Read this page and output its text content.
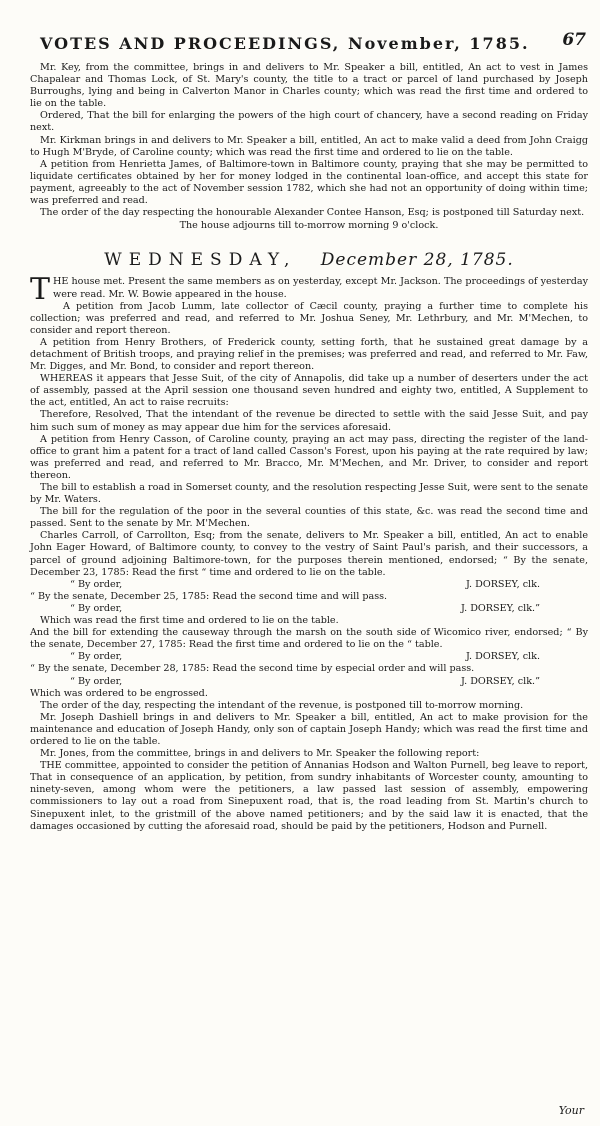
VOTES AND PROCEEDINGS, November, 1785. 67

Mr. Key, from the committee, brings in and delivers to Mr. Speaker a bill, entitled, An act to vest in James Chapalear and Thomas Lock, of St. Mary's county, the title to a tract or parcel of land purchased by Joseph Burroughs, lying and being in Calverton Manor in Charles county; which was read the first time and ordered to lie on the table.

Ordered, That the bill for enlarging the powers of the high court of chancery, have a second reading on Friday next.

Mr. Kirkman brings in and delivers to Mr. Speaker a bill, entitled, An act to make valid a deed from John Craigg to Hugh M'Bryde, of Caroline county; which was read the first time and ordered to lie on the table.

A petition from Henrietta James, of Baltimore-town in Baltimore county, praying that she may be permitted to liquidate certificates obtained by her for money lodged in the continental loan-office, and accept this state for payment, agreeably to the act of November session 1782, which she had not an opportunity of doing within time; was preferred and read.

The order of the day respecting the honourable Alexander Contee Hanson, Esq; is postponed till Saturday next.

The house adjourns till to-morrow morning 9 o'clock.

WEDNESDAY, December 28, 1785.

THE house met. Present the same members as on yesterday, except Mr. Jackson. The proceedings of yesterday were read. Mr. W. Bowie appeared in the house.

A petition from Jacob Lumm, late collector of Cæcil county, praying a further time to complete his collection; was preferred and read, and referred to Mr. Joshua Seney, Mr. Lethrbury, and Mr. M'Mechen, to consider and report thereon.

A petition from Henry Brothers, of Frederick county, setting forth, that he sustained great damage by a detachment of British troops, and praying relief in the premises; was preferred and read, and referred to Mr. Faw, Mr. Digges, and Mr. Bond, to consider and report thereon.

WHEREAS it appears that Jesse Suit, of the city of Annapolis, did take up a number of deserters under the act of assembly, passed at the April session one thousand seven hundred and eighty two, entitled, A Supplement to the act, entitled, An act to raise recruits:

Therefore, Resolved, That the intendant of the revenue be directed to settle with the said Jesse Suit, and pay him such sum of money as may appear due him for the services aforesaid.

A petition from Henry Casson, of Caroline county, praying an act may pass, directing the register of the land-office to grant him a patent for a tract of land called Casson's Forest, upon his paying at the rate required by law; was preferred and read, and referred to Mr. Bracco, Mr. M'Mechen, and Mr. Driver, to consider and report thereon.

The bill to establish a road in Somerset county, and the resolution respecting Jesse Suit, were sent to the senate by Mr. Waters.

The bill for the regulation of the poor in the several counties of this state, &c. was read the second time and passed. Sent to the senate by Mr. M'Mechen.

Charles Carroll, of Carrollton, Esq; from the senate, delivers to Mr. Speaker a bill, entitled, An act to enable John Eager Howard, of Baltimore county, to convey to the vestry of Saint Paul's parish, and their successors, a parcel of ground adjoining Baltimore-town, for the purposes therein mentioned, endorsed; “ By the senate, December 23, 1785: Read the first “ time and ordered to lie on the table.

“ By order,	J. DORSEY, clk.

“ By the senate, December 25, 1785: Read the second time and will pass.

“ By order,	J. DORSEY, clk.”

Which was read the first time and ordered to lie on the table.

And the bill for extending the causeway through the marsh on the south side of Wicomico river, endorsed; “ By the senate, December 27, 1785: Read the first time and ordered to lie on the “ table.

“ By order,	J. DORSEY, clk.

“ By the senate, December 28, 1785: Read the second time by especial order and will pass.

“ By order,	J. DORSEY, clk.”

Which was ordered to be engrossed.

The order of the day, respecting the intendant of the revenue, is postponed till to-morrow morning.

Mr. Joseph Dashiell brings in and delivers to Mr. Speaker a bill, entitled, An act to make provision for the maintenance and education of Joseph Handy, only son of captain Joseph Handy; which was read the first time and ordered to lie on the table.

Mr. Jones, from the committee, brings in and delivers to Mr. Speaker the following report:

THE committee, appointed to consider the petition of Annanias Hodson and Walton Purnell, beg leave to report, That in consequence of an application, by petition, from sundry inhabitants of Worcester county, amounting to ninety-seven, among whom were the petitioners, a law passed last session of assembly, empowering commissioners to lay out a road from Sinepuxent road, that is, the road leading from St. Martin's church to Sinepuxent inlet, to the gristmill of the above named petitioners; and by the said law it is enacted, that the damages occasioned by cutting the aforesaid road, should be paid by the petitioners, Hodson and Purnell.

Your
